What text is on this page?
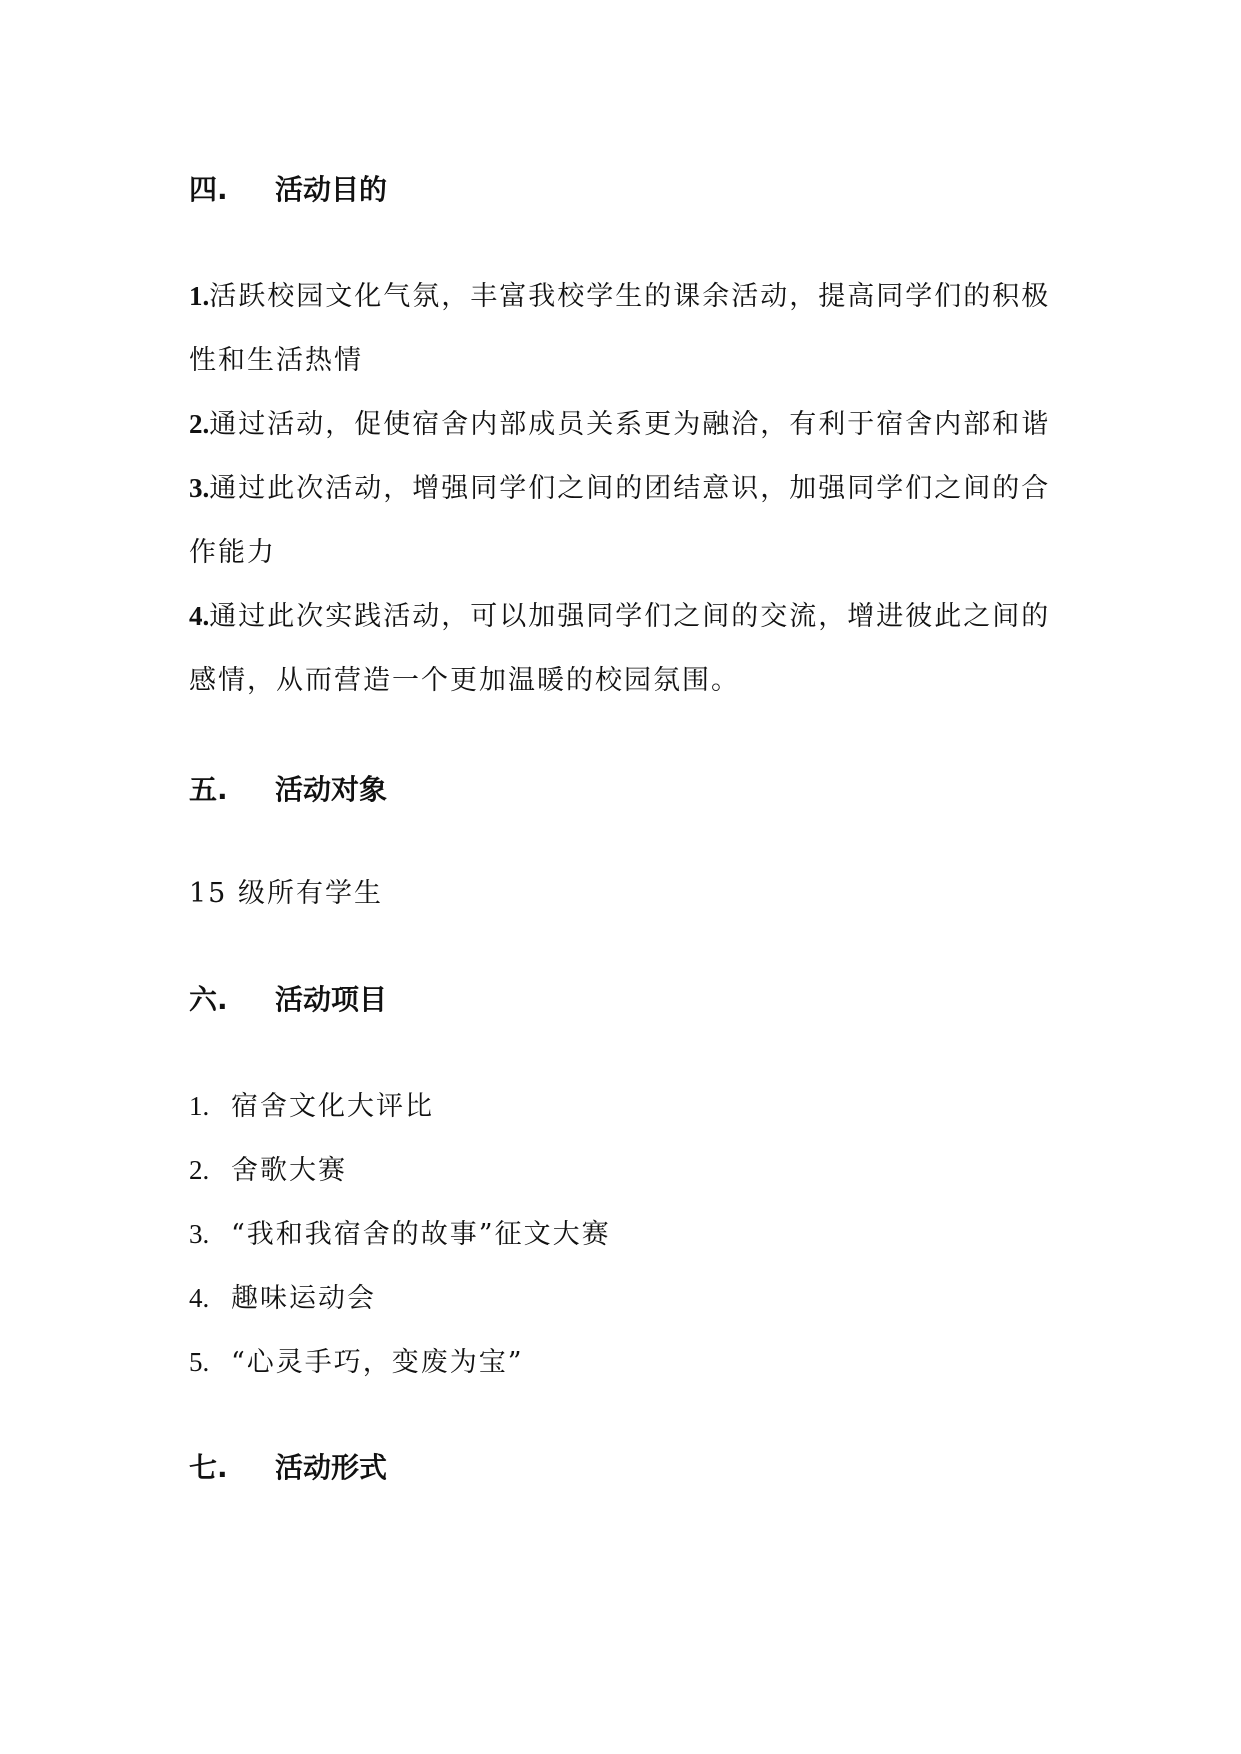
四. 活动目的
1.活跃校园文化气氛，丰富我校学生的课余活动，提高同学们的积极性和生活热情
2.通过活动，促使宿舍内部成员关系更为融洽，有利于宿舍内部和谐
3.通过此次活动，增强同学们之间的团结意识，加强同学们之间的合作能力
4.通过此次实践活动，可以加强同学们之间的交流，增进彼此之间的感情，从而营造一个更加温暖的校园氛围。
五. 活动对象
15 级所有学生
六. 活动项目
1. 宿舍文化大评比
2. 舍歌大赛
3. “我和我宿舍的故事”征文大赛
4. 趣味运动会
5. “心灵手巧，变废为宝”
七. 活动形式
